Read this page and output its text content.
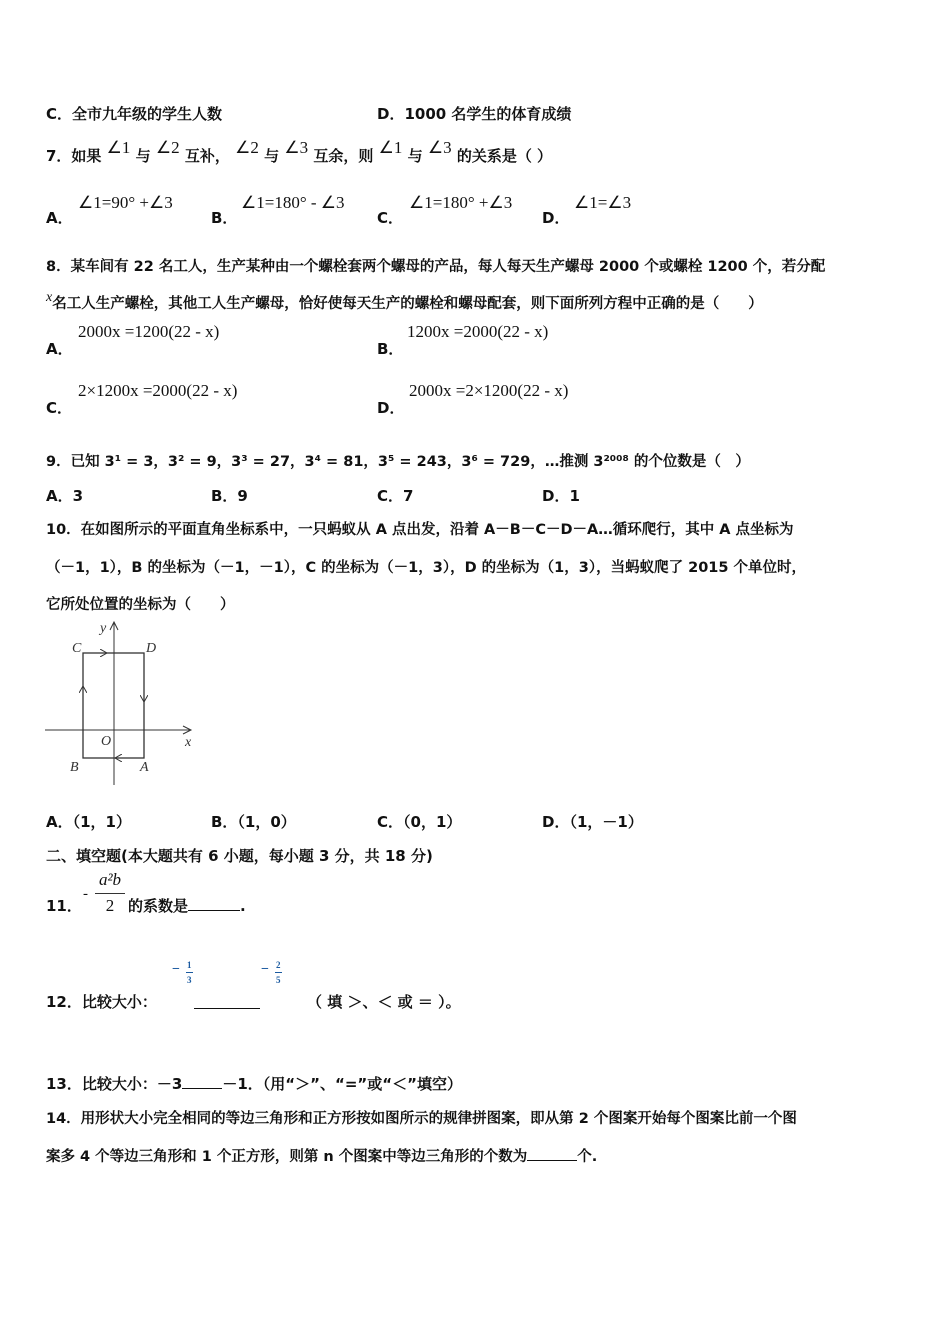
C．全市九年级的学生人数	D．1000 名学生的体育成绩
7．如果 ∠1 与 ∠2 互补， ∠2 与 ∠3 互余，则 ∠1 与 ∠3 的关系是（ ）
A．
∠1=90° +∠3
B．
∠1=180° - ∠3
C．
∠1=180° +∠3
D．
∠1=∠3
8．某车间有 22 名工人，生产某种由一个螺栓套两个螺母的产品，每人每天生产螺母 2000 个或螺栓 1200 个，若分配
x名工人生产螺栓，其他工人生产螺母，恰好使每天生产的螺栓和螺母配套，则下面所列方程中正确的是（　　）
A．
2000x =1200(22 - x)
B．
1200x =2000(22 - x)
C．
2×1200x =2000(22 - x)
D．
2000x =2×1200(22 - x)
9．已知 3¹ = 3，3² = 9，3³ = 27，3⁴ = 81，3⁵ = 243，3⁶ = 729，…推测 3²⁰⁰⁸ 的个位数是（　）
A．3	B．9	C．7	D．1
10．在如图所示的平面直角坐标系中，一只蚂蚁从 A 点出发，沿着 A－B－C－D－A…循环爬行，其中 A 点坐标为
（－1，1），B 的坐标为（－1，－1），C 的坐标为（－1，3），D 的坐标为（1，3），当蚂蚁爬了 2015 个单位时，
它所处位置的坐标为（　　）
y
x
C	D
O
B	A
A．（1，1）	B．（1，0）	C．（0，1）	D．（1，－1）
二、填空题(本大题共有 6 小题，每小题 3 分，共 18 分)
11．
-
a²b
2 的系数是	.
− 1
3
− 2
5
12．比较大小：	（ 填 ＞、＜ 或 ＝ ）。
13．比较大小：－3	－1．（用“＞”、“=”或“＜”填空）
14．用形状大小完全相同的等边三角形和正方形按如图所示的规律拼图案，即从第 2 个图案开始每个图案比前一个图
案多 4 个等边三角形和 1 个正方形，则第 n 个图案中等边三角形的个数为	个.
